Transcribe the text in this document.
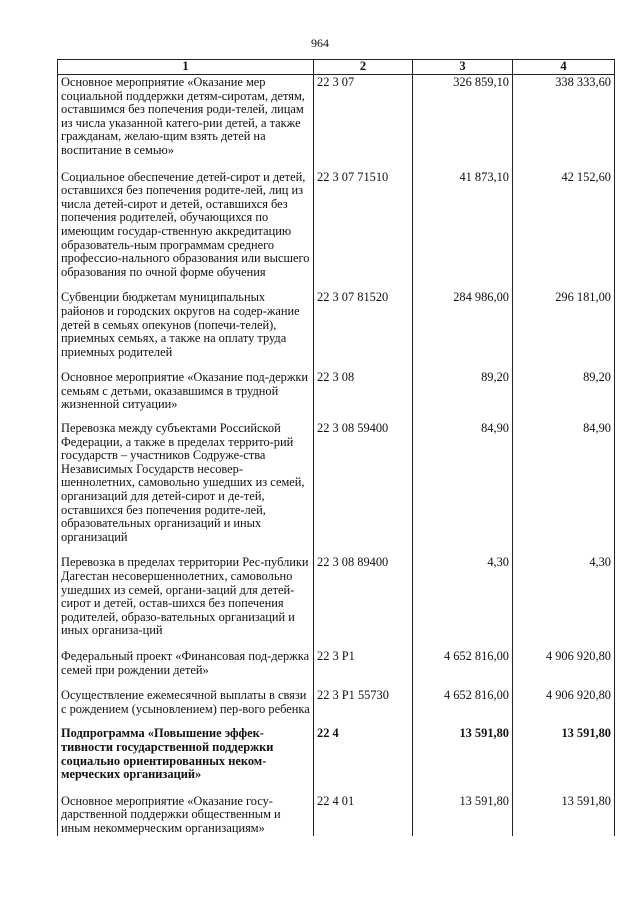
964
1	2	3	4
Основное мероприятие «Оказание мер социальной поддержки детям-сиротам, детям, оставшимся без попечения роди-телей, лицам из числа указанной катего-рии детей, а также гражданам, желаю-щим взять детей на воспитание в семью»	22 3 07	326 859,10	338 333,60
Социальное обеспечение детей-сирот и детей, оставшихся без попечения родите-лей, лиц из числа детей-сирот и детей, оставшихся без попечения родителей, обучающихся по имеющим государ-ственную аккредитацию образователь-ным программам среднего профессио-нального образования или высшего образования по очной форме обучения	22 3 07 71510	41 873,10	42 152,60
Субвенции бюджетам муниципальных районов и городских округов на содер-жание детей в семьях опекунов (попечи-телей), приемных семьях, а также на оплату труда приемных родителей	22 3 07 81520	284 986,00	296 181,00
Основное мероприятие «Оказание под-держки семьям с детьми, оказавшимся в трудной жизненной ситуации»	22 3 08	89,20	89,20
Перевозка между субъектами Российской Федерации, а также в пределах террито-рий государств – участников Содруже-ства Независимых Государств несовер-шеннолетних, самовольно ушедших из семей, организаций для детей-сирот и де-тей, оставшихся без попечения родите-лей, образовательных организаций и иных организаций	22 3 08 59400	84,90	84,90
Перевозка в пределах территории Рес-публики Дагестан несовершеннолетних, самовольно ушедших из семей, органи-заций для детей-сирот и детей, остав-шихся без попечения родителей, образо-вательных организаций и иных организа-ций	22 3 08 89400	4,30	4,30
Федеральный проект «Финансовая под-держка семей при рождении детей»	22 3 P1	4 652 816,00	4 906 920,80
Осуществление ежемесячной выплаты в связи с рождением (усыновлением) пер-вого ребенка	22 3 P1 55730	4 652 816,00	4 906 920,80
Подпрограмма «Повышение эффек-тивности государственной поддержки социально ориентированных неком-мерческих организаций»	22 4	13 591,80	13 591,80
Основное мероприятие «Оказание госу-дарственной поддержки общественным и иным некоммерческим организациям»	22 4 01	13 591,80	13 591,80
